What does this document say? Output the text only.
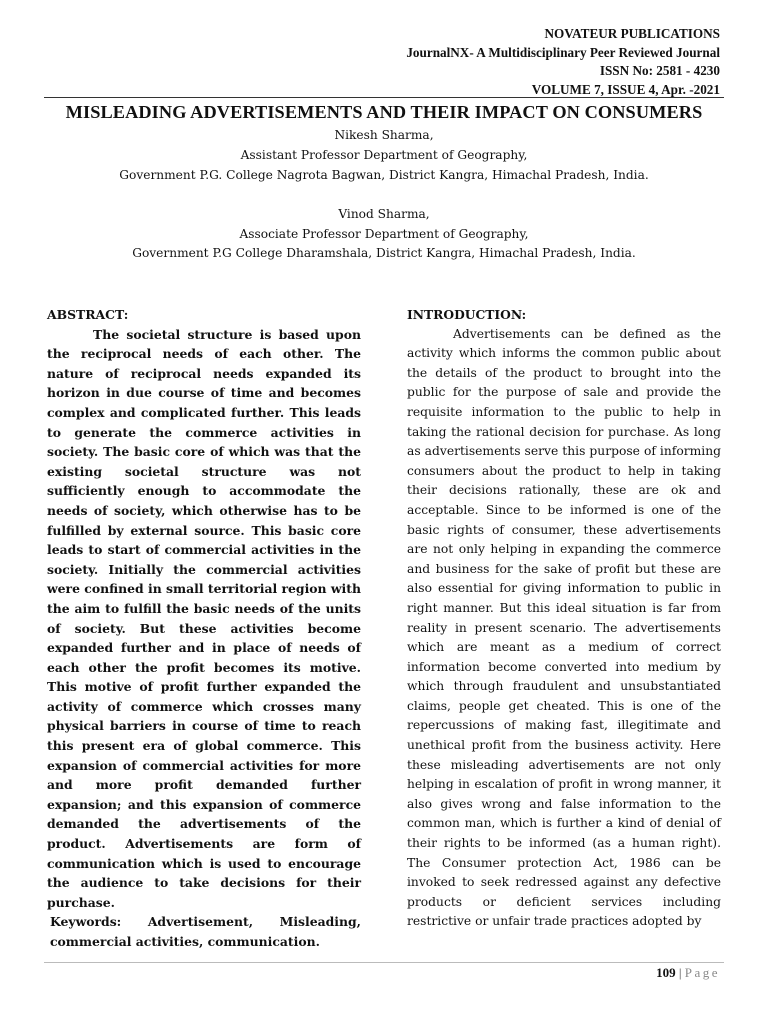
NOVATEUR PUBLICATIONS
JournalNX- A Multidisciplinary Peer Reviewed Journal
ISSN No: 2581 - 4230
VOLUME 7, ISSUE 4, Apr. -2021
MISLEADING ADVERTISEMENTS AND THEIR IMPACT ON CONSUMERS
Nikesh Sharma,
Assistant Professor Department of Geography,
Government P.G. College Nagrota Bagwan, District Kangra, Himachal Pradesh, India.
Vinod Sharma,
Associate Professor Department of Geography,
Government P.G College Dharamshala, District Kangra, Himachal Pradesh, India.
ABSTRACT:

The societal structure is based upon the reciprocal needs of each other. The nature of reciprocal needs expanded its horizon in due course of time and becomes complex and complicated further. This leads to generate the commerce activities in society. The basic core of which was that the existing societal structure was not sufficiently enough to accommodate the needs of society, which otherwise has to be fulfilled by external source. This basic core leads to start of commercial activities in the society. Initially the commercial activities were confined in small territorial region with the aim to fulfill the basic needs of the units of society. But these activities become expanded further and in place of needs of each other the profit becomes its motive. This motive of profit further expanded the activity of commerce which crosses many physical barriers in course of time to reach this present era of global commerce. This expansion of commercial activities for more and more profit demanded further expansion; and this expansion of commerce demanded the advertisements of the product. Advertisements are form of communication which is used to encourage the audience to take decisions for their purchase.

Keywords: Advertisement, Misleading, commercial activities, communication.

INTRODUCTION:

Advertisements can be defined as the activity which informs the common public about the details of the product to brought into the public for the purpose of sale and provide the requisite information to the public to help in taking the rational decision for purchase. As long as advertisements serve this purpose of informing consumers about the product to help in taking their decisions rationally, these are ok and acceptable. Since to be informed is one of the basic rights of consumer, these advertisements are not only helping in expanding the commerce and business for the sake of profit but these are also essential for giving information to public in right manner. But this ideal situation is far from reality in present scenario. The advertisements which are meant as a medium of correct information become converted into medium by which through fraudulent and unsubstantiated claims, people get cheated. This is one of the repercussions of making fast, illegitimate and unethical profit from the business activity. Here these misleading advertisements are not only helping in escalation of profit in wrong manner, it also gives wrong and false information to the common man, which is further a kind of denial of their rights to be informed (as a human right). The Consumer protection Act, 1986 can be invoked to seek redressed against any defective products or deficient services including restrictive or unfair trade practices adopted by

109 | Page
